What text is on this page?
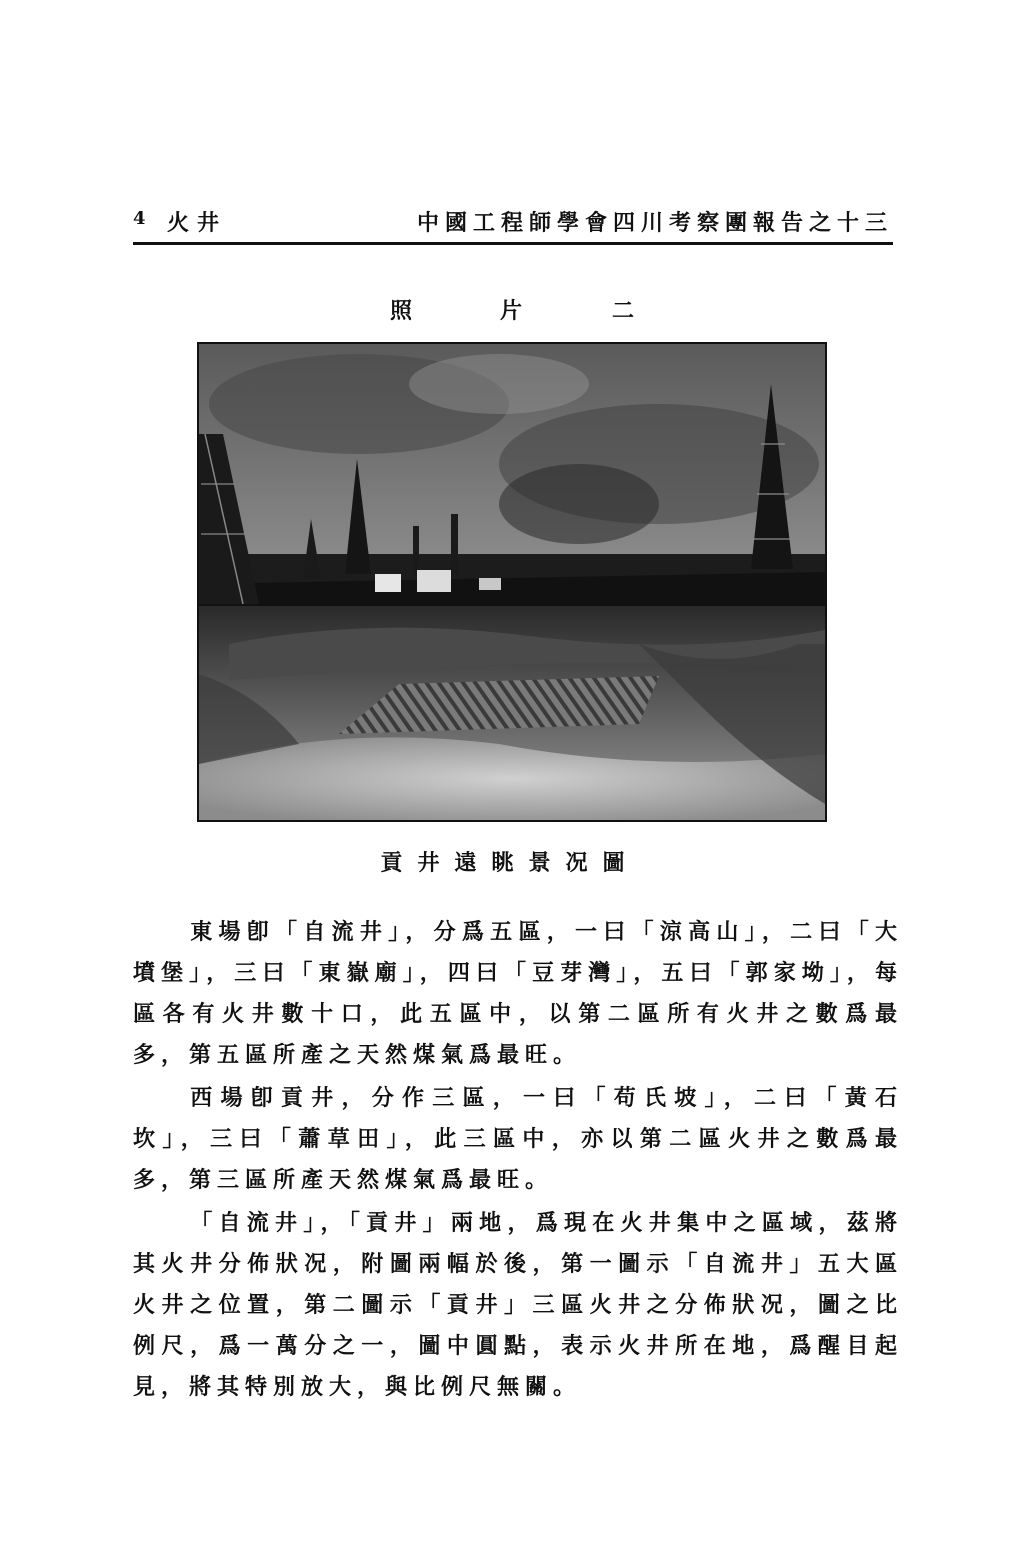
4 火井	中國工程師學會四川考察團報告之十三
照	片	二
貢井遠眺景况圖

東場卽「自流井」，分爲五區，一曰「涼高山」，二曰「大墳堡」，三曰「東嶽廟」，四曰「豆芽灣」，五曰「郭家坳」，每區各有火井數十口，此五區中，以第二區所有火井之數爲最多，第五區所產之天然煤氣爲最旺。

西場卽貢井，分作三區，一曰「苟氏坡」，二曰「黃石坎」，三曰「蕭草田」，此三區中，亦以第二區火井之數爲最多，第三區所產天然煤氣爲最旺。

「自流井」，「貢井」兩地，爲現在火井集中之區域，茲將其火井分佈狀况，附圖兩幅於後，第一圖示「自流井」五大區火井之位置，第二圖示「貢井」三區火井之分佈狀况，圖之比例尺，爲一萬分之一，圖中圓點，表示火井所在地，爲醒目起見，將其特別放大，與比例尺無關。
